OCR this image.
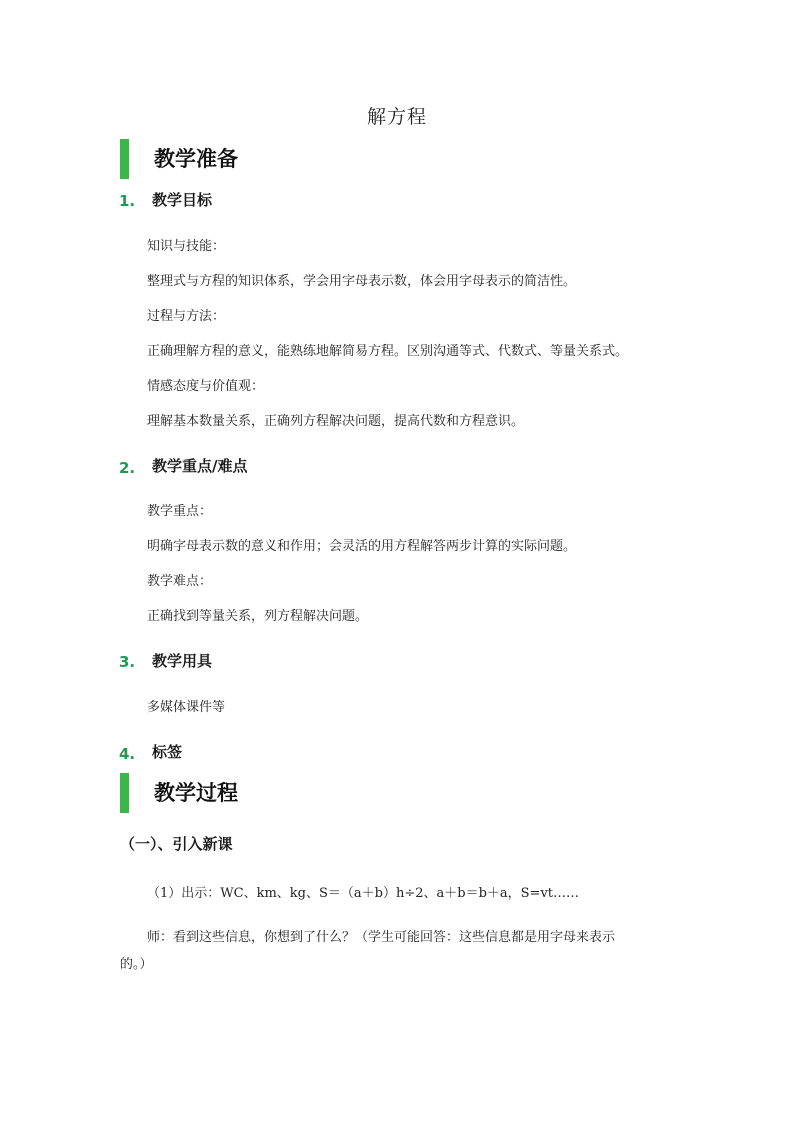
解方程
教学准备
1. 教学目标
知识与技能：
整理式与方程的知识体系，学会用字母表示数，体会用字母表示的简洁性。
过程与方法：
正确理解方程的意义，能熟练地解简易方程。区别沟通等式、代数式、等量关系式。
情感态度与价值观：
理解基本数量关系，正确列方程解决问题，提高代数和方程意识。
2. 教学重点/难点
教学重点：
明确字母表示数的意义和作用；会灵活的用方程解答两步计算的实际问题。
教学难点：
正确找到等量关系，列方程解决问题。
3. 教学用具
多媒体课件等
4. 标签
教学过程
（一）、引入新课
（1）出示：WC、km、kg、S＝（a＋b）h÷2、a＋b＝b＋a，S=vt……
师：看到这些信息，你想到了什么？（学生可能回答：这些信息都是用字母来表示
的。）
